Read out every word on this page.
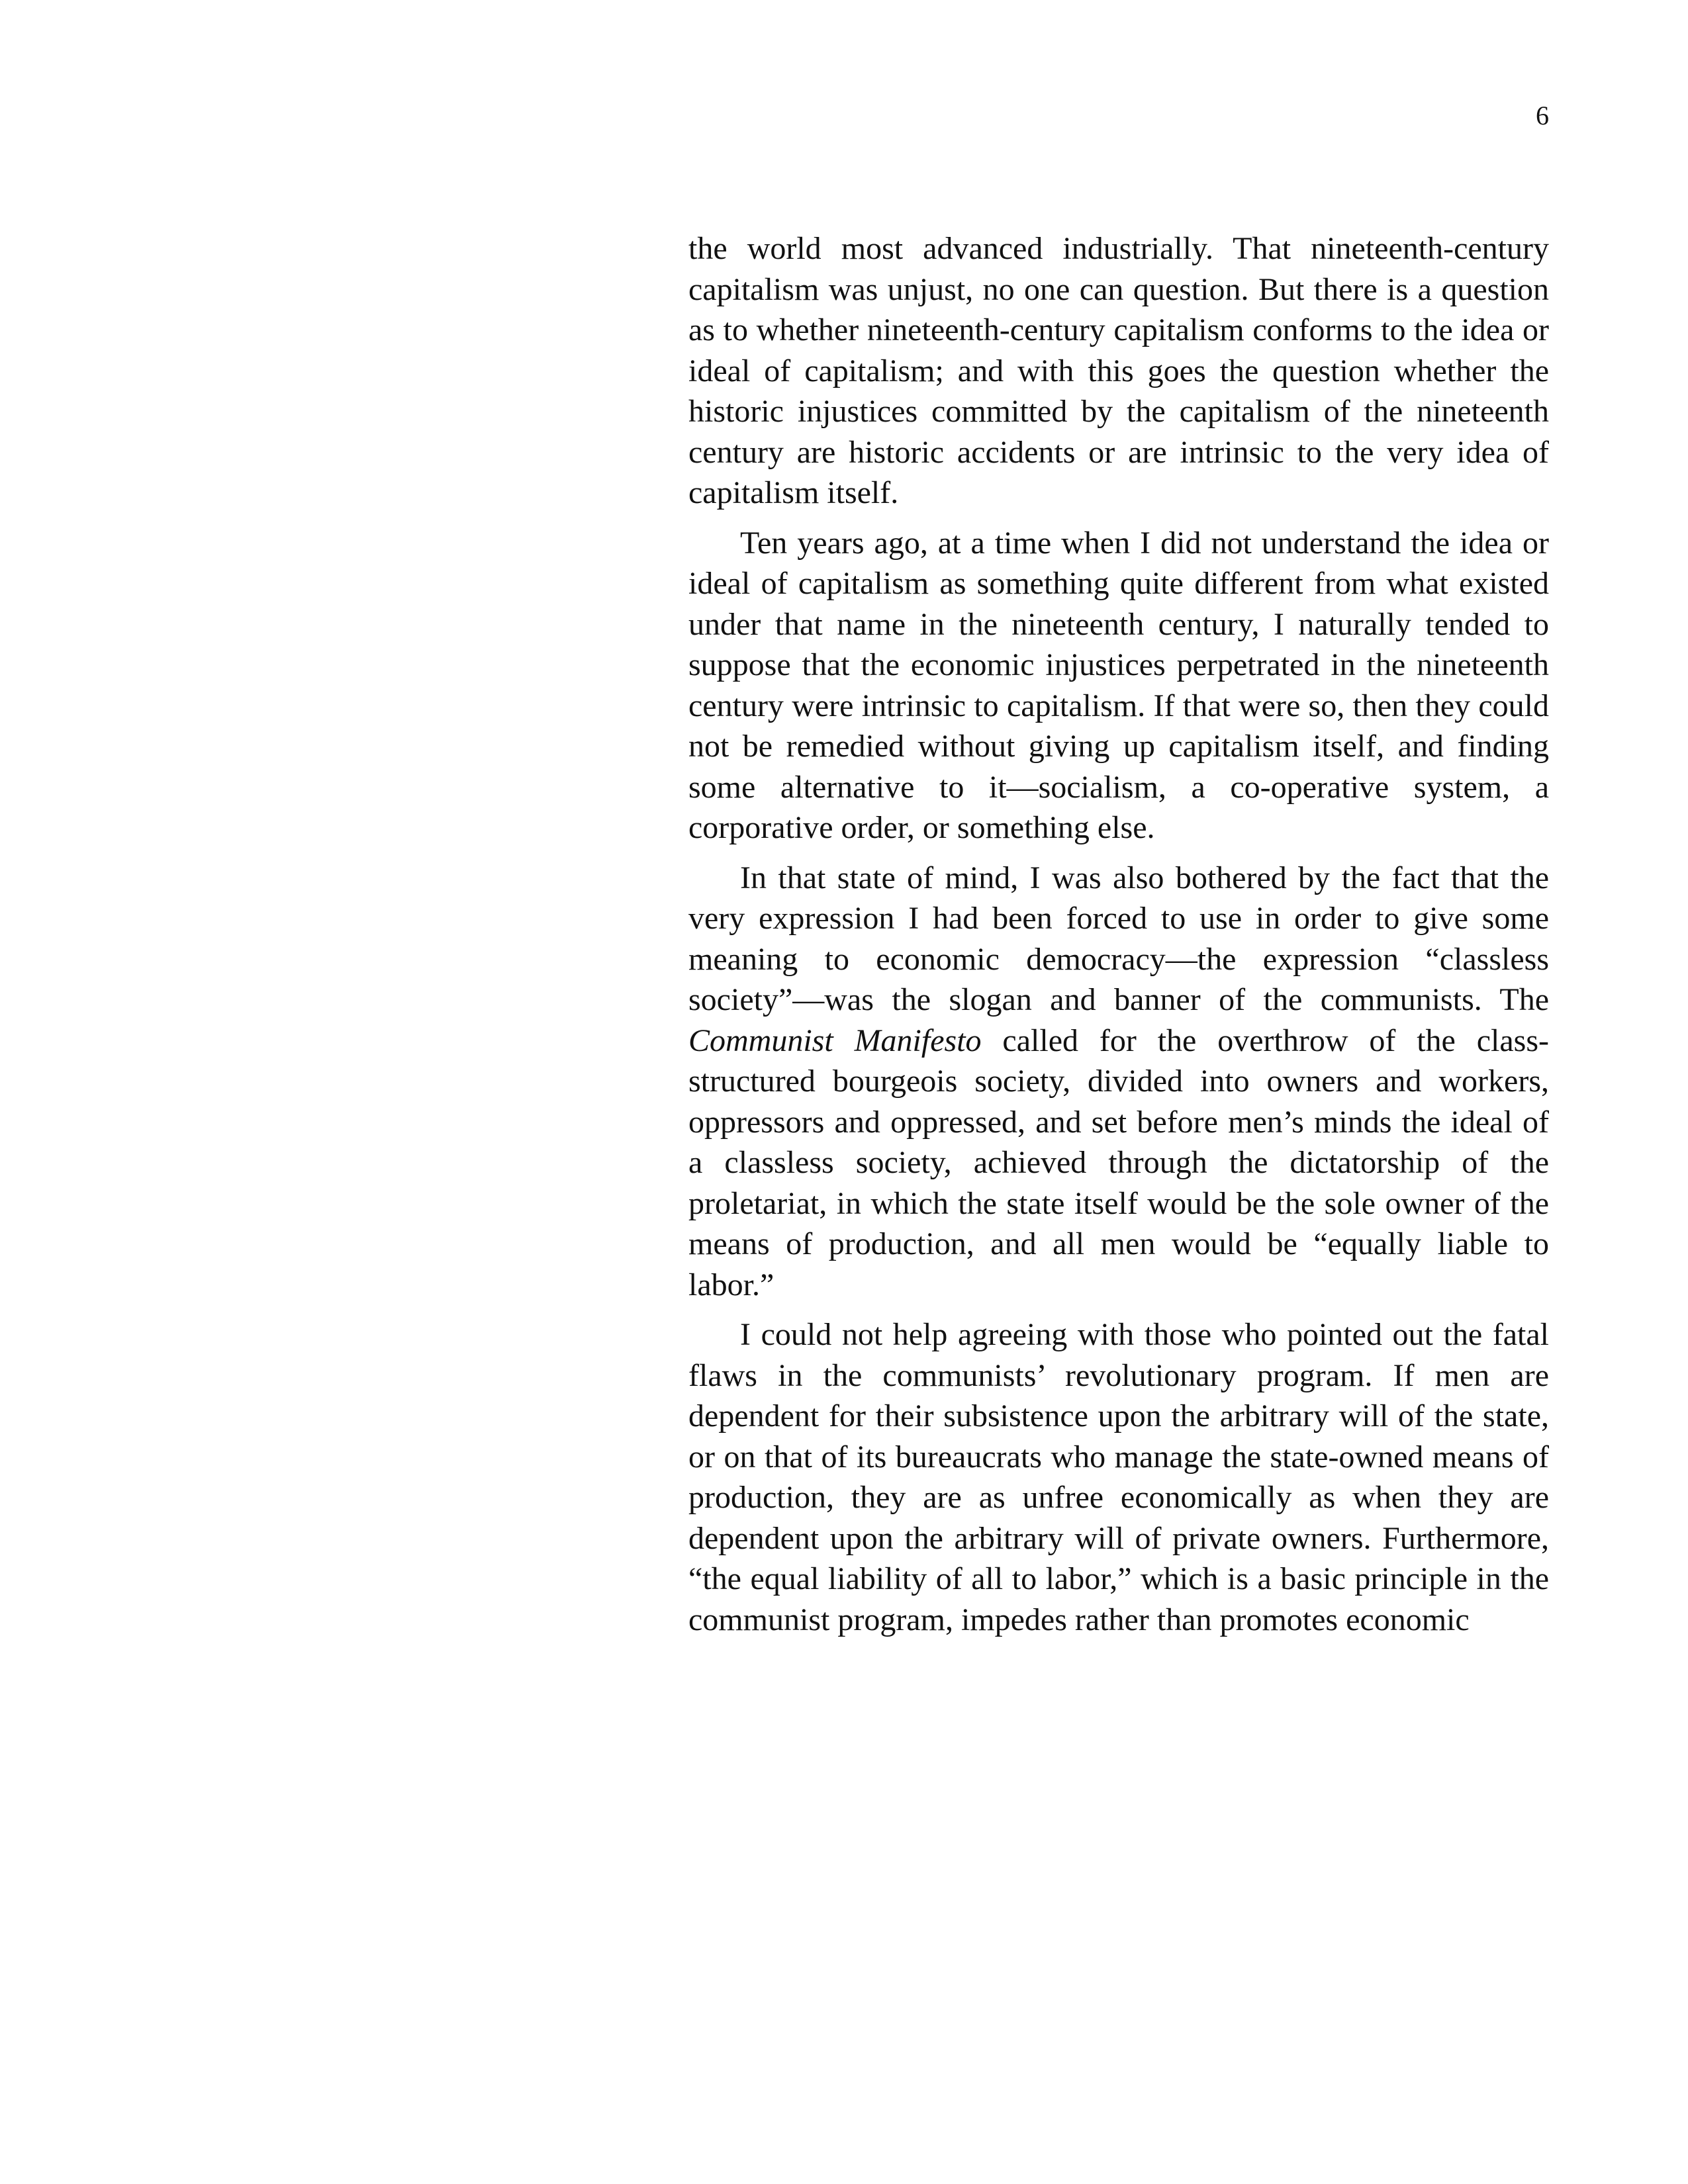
6

the world most advanced industrially. That nineteenth-century capitalism was unjust, no one can question. But there is a question as to whether nineteenth-century capitalism conforms to the idea or ideal of capitalism; and with this goes the question whether the historic injustices committed by the capitalism of the nineteenth century are historic accidents or are intrinsic to the very idea of capitalism itself.

Ten years ago, at a time when I did not understand the idea or ideal of capitalism as something quite different from what existed under that name in the nineteenth century, I naturally tended to suppose that the economic injustices perpetrated in the nineteenth century were intrinsic to capitalism. If that were so, then they could not be remedied without giving up capitalism itself, and finding some alternative to it—socialism, a co-operative system, a corporative order, or something else.

In that state of mind, I was also bothered by the fact that the very expression I had been forced to use in order to give some meaning to economic democracy—the expression “classless society”—was the slogan and banner of the communists. The Communist Manifesto called for the overthrow of the class-structured bourgeois society, divided into owners and workers, oppressors and oppressed, and set before men’s minds the ideal of a classless society, achieved through the dictatorship of the proletariat, in which the state itself would be the sole owner of the means of production, and all men would be “equally liable to labor.”

I could not help agreeing with those who pointed out the fatal flaws in the communists’ revolutionary program. If men are dependent for their subsistence upon the arbitrary will of the state, or on that of its bureaucrats who manage the state-owned means of production, they are as unfree economically as when they are dependent upon the arbitrary will of private owners. Furthermore, “the equal liability of all to labor,” which is a basic principle in the communist program, impedes rather than promotes economic
